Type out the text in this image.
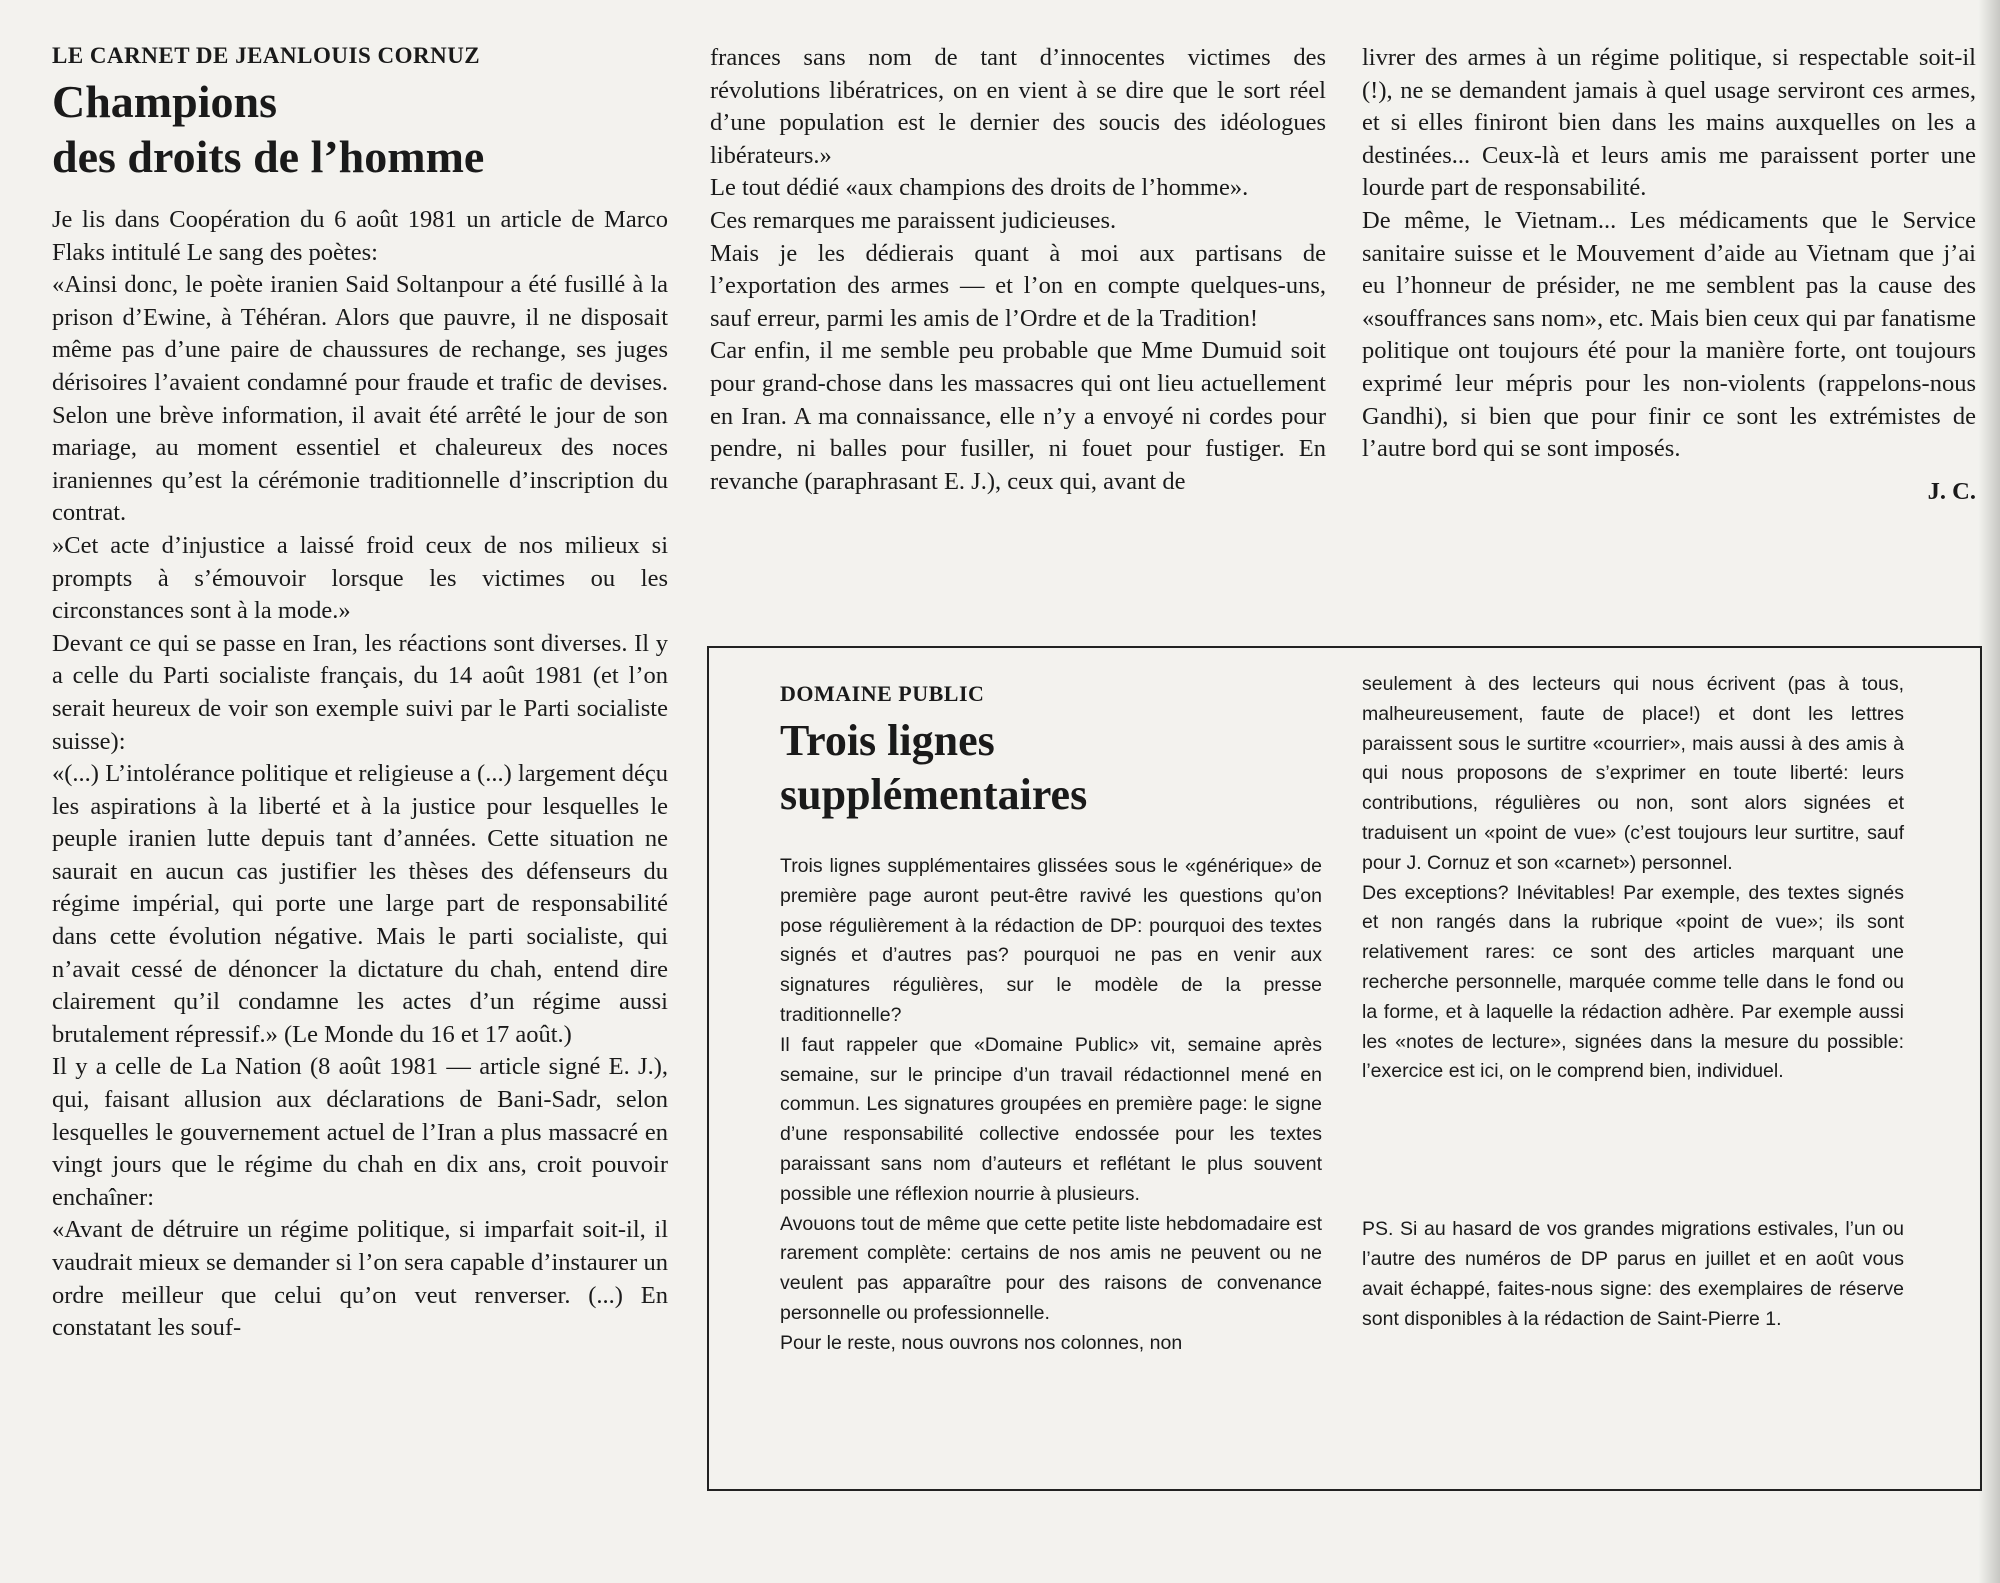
LE CARNET DE JEANLOUIS CORNUZ

Champions
des droits de l’homme

Je lis dans Coopération du 6 août 1981 un article de Marco Flaks intitulé Le sang des poètes:

«Ainsi donc, le poète iranien Said Soltanpour a été fusillé à la prison d’Ewine, à Téhéran. Alors que pauvre, il ne disposait même pas d’une paire de chaussures de rechange, ses juges dérisoires l’avaient condamné pour fraude et trafic de devises. Selon une brève information, il avait été arrêté le jour de son mariage, au moment essentiel et chaleureux des noces iraniennes qu’est la cérémonie traditionnelle d’inscription du contrat.

»Cet acte d’injustice a laissé froid ceux de nos milieux si prompts à s’émouvoir lorsque les victimes ou les circonstances sont à la mode.»

Devant ce qui se passe en Iran, les réactions sont diverses. Il y a celle du Parti socialiste français, du 14 août 1981 (et l’on serait heureux de voir son exemple suivi par le Parti socialiste suisse):

«(...) L’intolérance politique et religieuse a (...) largement déçu les aspirations à la liberté et à la justice pour lesquelles le peuple iranien lutte depuis tant d’années. Cette situation ne saurait en aucun cas justifier les thèses des défenseurs du régime impérial, qui porte une large part de responsabilité dans cette évolution négative. Mais le parti socialiste, qui n’avait cessé de dénoncer la dictature du chah, entend dire clairement qu’il condamne les actes d’un régime aussi brutalement répressif.» (Le Monde du 16 et 17 août.)

Il y a celle de La Nation (8 août 1981 — article signé E. J.), qui, faisant allusion aux déclarations de Bani-Sadr, selon lesquelles le gouvernement actuel de l’Iran a plus massacré en vingt jours que le régime du chah en dix ans, croit pouvoir enchaîner:

«Avant de détruire un régime politique, si imparfait soit-il, il vaudrait mieux se demander si l’on sera capable d’instaurer un ordre meilleur que celui qu’on veut renverser. (...) En constatant les souf-

frances sans nom de tant d’innocentes victimes des révolutions libératrices, on en vient à se dire que le sort réel d’une population est le dernier des soucis des idéologues libérateurs.»

Le tout dédié «aux champions des droits de l’homme».

Ces remarques me paraissent judicieuses.

Mais je les dédierais quant à moi aux partisans de l’exportation des armes — et l’on en compte quelques-uns, sauf erreur, parmi les amis de l’Ordre et de la Tradition!

Car enfin, il me semble peu probable que Mme Dumuid soit pour grand-chose dans les massacres qui ont lieu actuellement en Iran. A ma connaissance, elle n’y a envoyé ni cordes pour pendre, ni balles pour fusiller, ni fouet pour fustiger. En revanche (paraphrasant E. J.), ceux qui, avant de

livrer des armes à un régime politique, si respectable soit-il (!), ne se demandent jamais à quel usage serviront ces armes, et si elles finiront bien dans les mains auxquelles on les a destinées... Ceux-là et leurs amis me paraissent porter une lourde part de responsabilité.

De même, le Vietnam... Les médicaments que le Service sanitaire suisse et le Mouvement d’aide au Vietnam que j’ai eu l’honneur de présider, ne me semblent pas la cause des «souffrances sans nom», etc. Mais bien ceux qui par fanatisme politique ont toujours été pour la manière forte, ont toujours exprimé leur mépris pour les non-violents (rappelons-nous Gandhi), si bien que pour finir ce sont les extrémistes de l’autre bord qui se sont imposés.

J. C.

DOMAINE PUBLIC

Trois lignes
supplémentaires

Trois lignes supplémentaires glissées sous le «générique» de première page auront peut-être ravivé les questions qu’on pose régulièrement à la rédaction de DP: pourquoi des textes signés et d’autres pas? pourquoi ne pas en venir aux signatures régulières, sur le modèle de la presse traditionnelle?

Il faut rappeler que «Domaine Public» vit, semaine après semaine, sur le principe d’un travail rédactionnel mené en commun. Les signatures groupées en première page: le signe d’une responsabilité collective endossée pour les textes paraissant sans nom d’auteurs et reflétant le plus souvent possible une réflexion nourrie à plusieurs.

Avouons tout de même que cette petite liste hebdomadaire est rarement complète: certains de nos amis ne peuvent ou ne veulent pas apparaître pour des raisons de convenance personnelle ou professionnelle.

Pour le reste, nous ouvrons nos colonnes, non

seulement à des lecteurs qui nous écrivent (pas à tous, malheureusement, faute de place!) et dont les lettres paraissent sous le surtitre «courrier», mais aussi à des amis à qui nous proposons de s’exprimer en toute liberté: leurs contributions, régulières ou non, sont alors signées et traduisent un «point de vue» (c’est toujours leur surtitre, sauf pour J. Cornuz et son «carnet») personnel.

Des exceptions? Inévitables! Par exemple, des textes signés et non rangés dans la rubrique «point de vue»; ils sont relativement rares: ce sont des articles marquant une recherche personnelle, marquée comme telle dans le fond ou la forme, et à laquelle la rédaction adhère. Par exemple aussi les «notes de lecture», signées dans la mesure du possible: l’exercice est ici, on le comprend bien, individuel.

PS. Si au hasard de vos grandes migrations estivales, l’un ou l’autre des numéros de DP parus en juillet et en août vous avait échappé, faites-nous signe: des exemplaires de réserve sont disponibles à la rédaction de Saint-Pierre 1.
